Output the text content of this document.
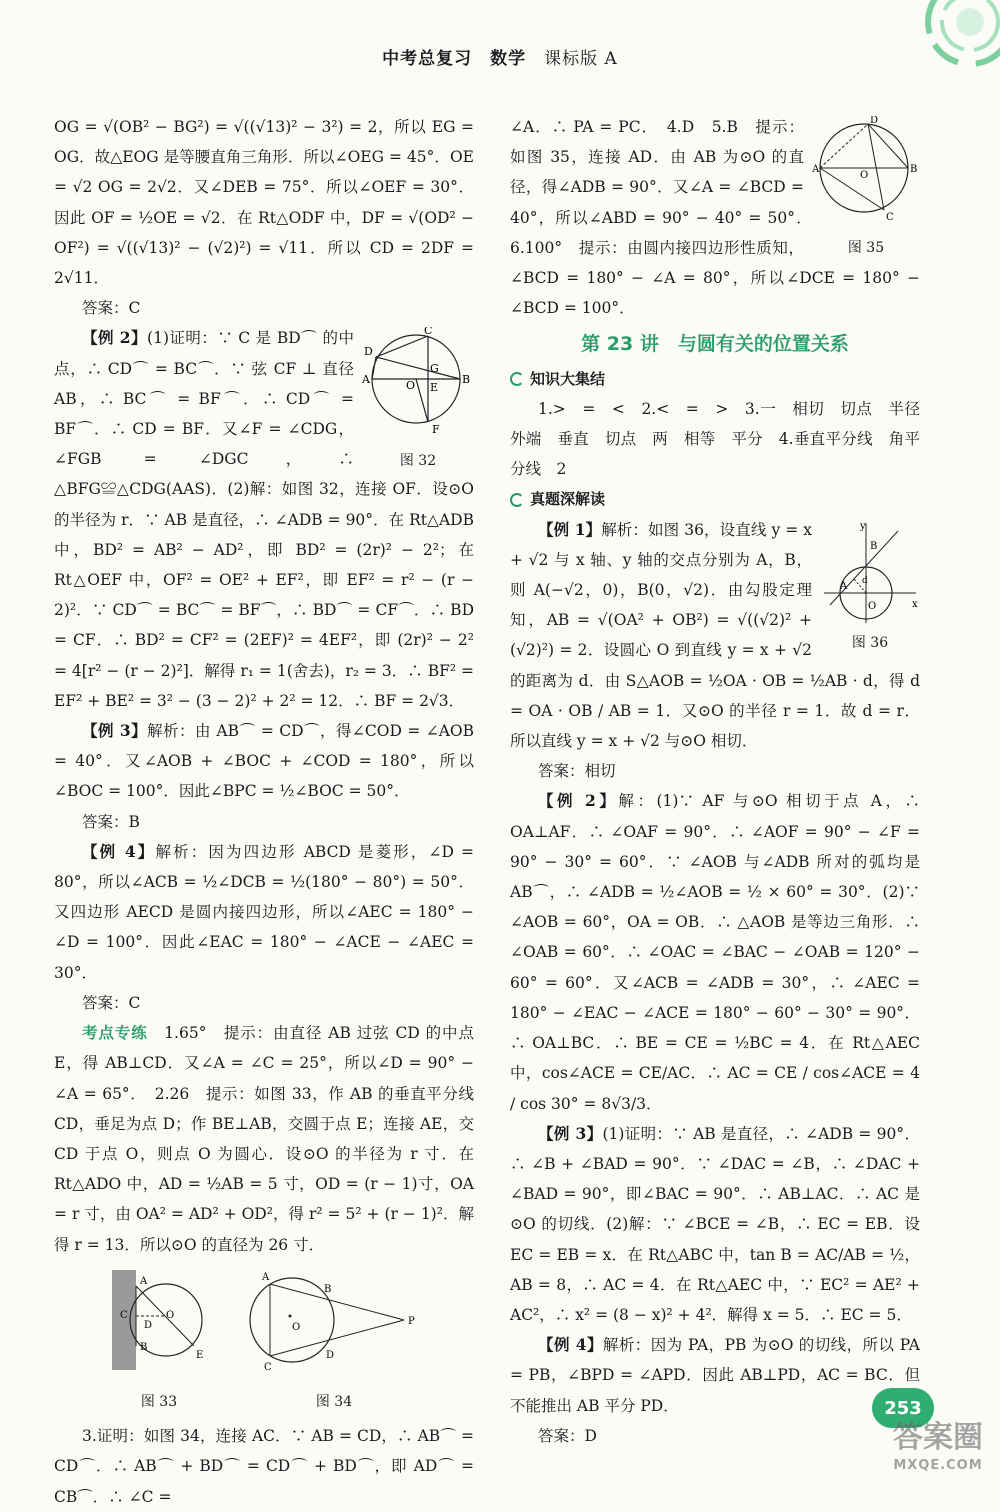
中考总复习 数学 课标版 A

OG = √(OB² − BG²) = √((√13)² − 3²) = 2，所以 EG = OG．故△EOG 是等腰直角三角形．所以∠OEG = 45°．OE = √2 OG = 2√2．又∠DEB = 75°．所以∠OEF = 30°．因此 OF = ½OE = √2．在 Rt△ODF 中，DF = √(OD² − OF²) = √((√13)² − (√2)²) = √11．所以 CD = 2DF = 2√11．

答案：C

D
C
A	B
O
G
E
F
图 32

【例 2】(1)证明：∵ C 是 BD⌒ 的中点，∴ CD⌒ = BC⌒．∵ 弦 CF ⊥ 直径 AB，∴ BC⌒ = BF⌒．∴ CD⌒ = BF⌒．∴ CD = BF．又∠F = ∠CDG，∠FGB = ∠DGC，∴ △BFG≌△CDG(AAS)．(2)解：如图 32，连接 OF．设⊙O 的半径为 r．∵ AB 是直径，∴ ∠ADB = 90°．在 Rt△ADB 中，BD² = AB² − AD²，即 BD² = (2r)² − 2²；在 Rt△OEF 中，OF² = OE² + EF²，即 EF² = r² − (r − 2)²．∵ CD⌒ = BC⌒ = BF⌒，∴ BD⌒ = CF⌒．∴ BD = CF．∴ BD² = CF² = (2EF)² = 4EF²，即 (2r)² − 2² = 4[r² − (r − 2)²]．解得 r₁ = 1(舍去)，r₂ = 3．∴ BF² = EF² + BE² = 3² − (3 − 2)² + 2² = 12．∴ BF = 2√3．

【例 3】解析：由 AB⌒ = CD⌒，得∠COD = ∠AOB = 40°．又∠AOB + ∠BOC + ∠COD = 180°，所以∠BOC = 100°．因此∠BPC = ½∠BOC = 50°．

答案：B

【例 4】解析：因为四边形 ABCD 是菱形，∠D = 80°，所以∠ACB = ½∠DCB = ½(180° − 80°) = 50°．又四边形 AECD 是圆内接四边形，所以∠AEC = 180° − ∠D = 100°．因此∠EAC = 180° − ∠ACE − ∠AEC = 30°．

答案：C

考点专练　 1.65°　提示：由直径 AB 过弦 CD 的中点 E，得 AB⊥CD．又∠A = ∠C = 25°，所以∠D = 90° − ∠A = 65°．　2.26　提示：如图 33，作 AB 的垂直平分线 CD，垂足为点 D；作 BE⊥AB，交圆于点 E；连接 AE，交 CD 于点 O，则点 O 为圆心．设⊙O 的半径为 r 寸．在 Rt△ADO 中，AD = ½AB = 5 寸，OD = (r − 1)寸，OA = r 寸，由 OA² = AD² + OD²，得 r² = 5² + (r − 1)²．解得 r = 13．所以⊙O 的直径为 26 寸．

A
C
D
B
O
E
图 33
A
B
O
D
C
P
图 34

3.证明：如图 34，连接 AC．∵ AB = CD，∴ AB⌒ = CD⌒．∴ AB⌒ + BD⌒ = CD⌒ + BD⌒，即 AD⌒ = CB⌒．∴ ∠C =

D
A	B
O
C
图 35

∠A．∴ PA = PC．　4.D　5.B　提示：如图 35，连接 AD．由 AB 为⊙O 的直径，得∠ADB = 90°．又∠A = ∠BCD = 40°，所以∠ABD = 90° − 40° = 50°．　6.100°　提示：由圆内接四边形性质知，∠BCD = 180° − ∠A = 80°，所以∠DCE = 180° − ∠BCD = 100°．

第 23 讲　与圆有关的位置关系
知识大集结

1.>　=　<　2.<　=　>　3.一　相切　切点　半径　外端　垂直　切点　两　相等　平分　4.垂直平分线　角平分线　2

真题深解读
x
y
O
A
B
d
图 36

【例 1】解析：如图 36，设直线 y = x + √2 与 x 轴、y 轴的交点分别为 A，B，则 A(−√2，0)，B(0，√2)．由勾股定理知，AB = √(OA² + OB²) = √((√2)² + (√2)²) = 2．设圆心 O 到直线 y = x + √2 的距离为 d．由 S△AOB = ½OA · OB = ½AB · d，得 d = OA · OB / AB = 1．又⊙O 的半径 r = 1．故 d = r．所以直线 y = x + √2 与⊙O 相切．

答案：相切

【例 2】解：(1)∵ AF 与⊙O 相切于点 A，∴ OA⊥AF．∴ ∠OAF = 90°．∴ ∠AOF = 90° − ∠F = 90° − 30° = 60°．∵ ∠AOB 与∠ADB 所对的弧均是 AB⌒，∴ ∠ADB = ½∠AOB = ½ × 60° = 30°．(2)∵ ∠AOB = 60°，OA = OB．∴ △AOB 是等边三角形．∴ ∠OAB = 60°．∴ ∠OAC = ∠BAC − ∠OAB = 120° − 60° = 60°．又∠ACB = ∠ADB = 30°，∴ ∠AEC = 180° − ∠EAC − ∠ACE = 180° − 60° − 30° = 90°．∴ OA⊥BC．∴ BE = CE = ½BC = 4．在 Rt△AEC 中，cos∠ACE = CE/AC．∴ AC = CE / cos∠ACE = 4 / cos 30° = 8√3/3．

【例 3】(1)证明：∵ AB 是直径，∴ ∠ADB = 90°．∴ ∠B + ∠BAD = 90°．∵ ∠DAC = ∠B，∴ ∠DAC + ∠BAD = 90°，即∠BAC = 90°．∴ AB⊥AC．∴ AC 是⊙O 的切线．(2)解：∵ ∠BCE = ∠B，∴ EC = EB．设 EC = EB = x．在 Rt△ABC 中，tan B = AC/AB = ½，AB = 8，∴ AC = 4．在 Rt△AEC 中，∵ EC² = AE² + AC²，∴ x² = (8 − x)² + 4²．解得 x = 5．∴ EC = 5．

【例 4】解析：因为 PA，PB 为⊙O 的切线，所以 PA = PB，∠BPD = ∠APD．因此 AB⊥PD，AC = BC．但不能推出 AB 平分 PD．

答案：D

253
答案圈
MXQE.COM
